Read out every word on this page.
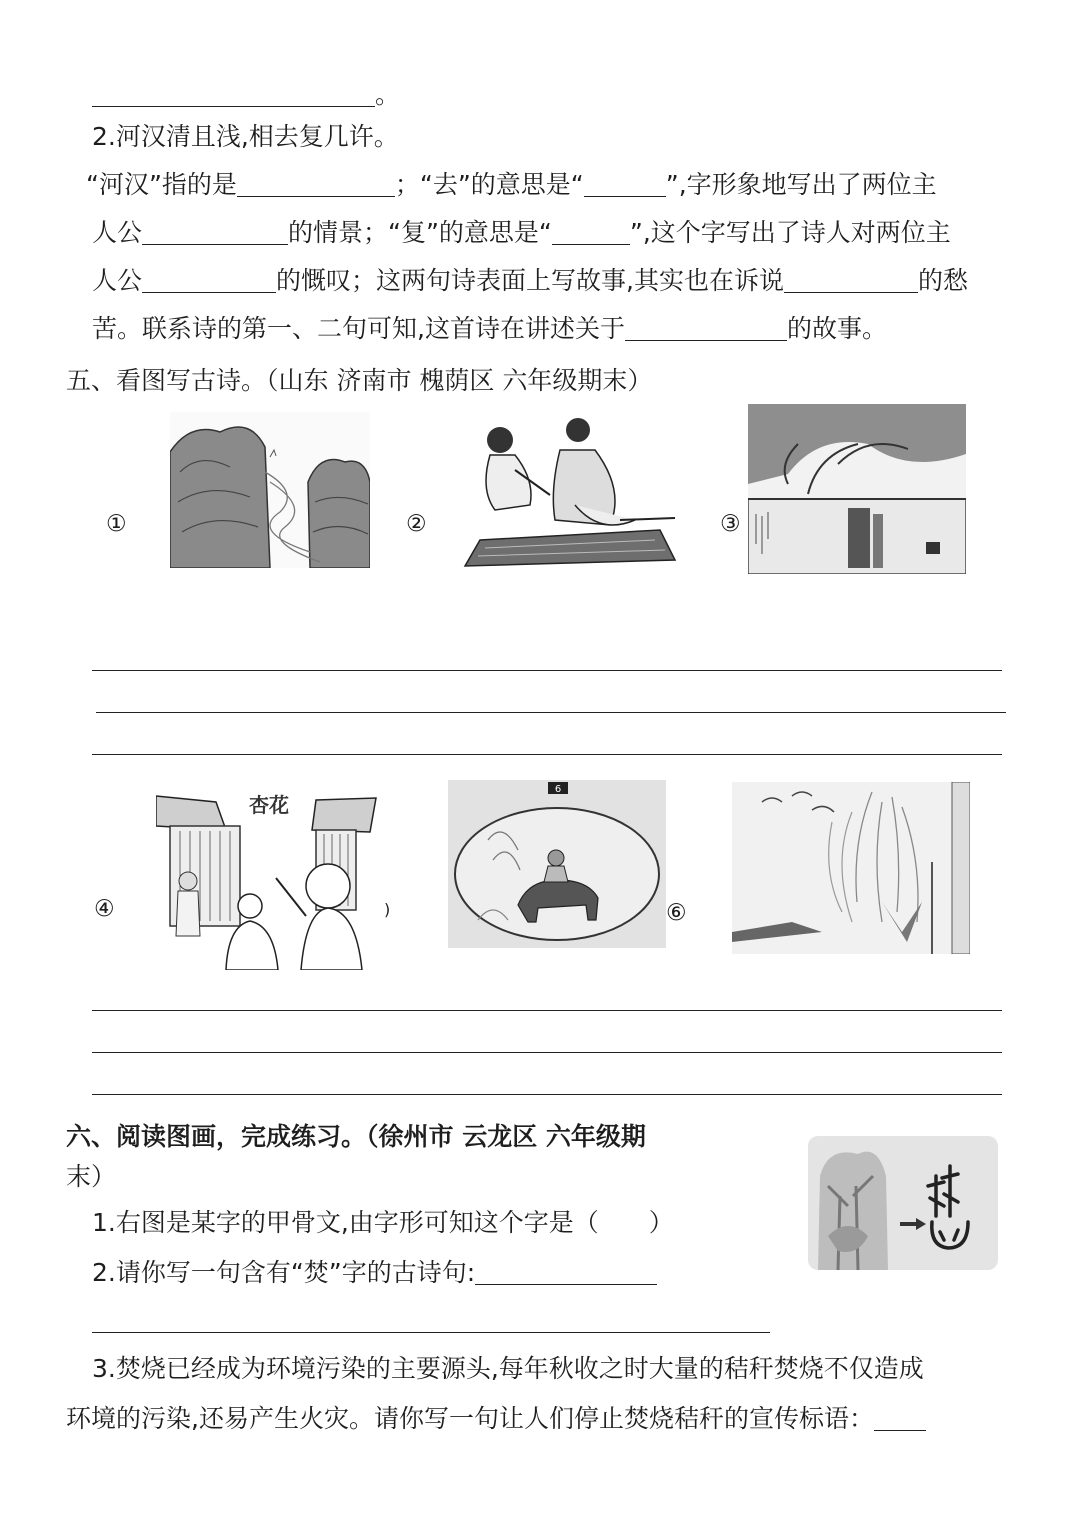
。
2.河汉清且浅,相去复几许。
“河汉”指的是	；“去”的意思是“	”,字形象地写出了两位主
人公	的情景；“复”的意思是“	”,这个字写出了诗人对两位主
人公	的慨叹；这两句诗表面上写故事,其实也在诉说	的愁
苦。联系诗的第一、二句可知,这首诗在讲述关于	的故事。
五、看图写古诗。（山东 济南市 槐荫区 六年级期末）
①	②	③
④
杏花
)
6
⑥
六、阅读图画，完成练习。（徐州市 云龙区 六年级期
末）
1.右图是某字的甲骨文,由字形可知这个字是（　　）
2.请你写一句含有“焚”字的古诗句:
3.焚烧已经成为环境污染的主要源头,每年秋收之时大量的秸秆焚烧不仅造成
环境的污染,还易产生火灾。请你写一句让人们停止焚烧秸秆的宣传标语：
